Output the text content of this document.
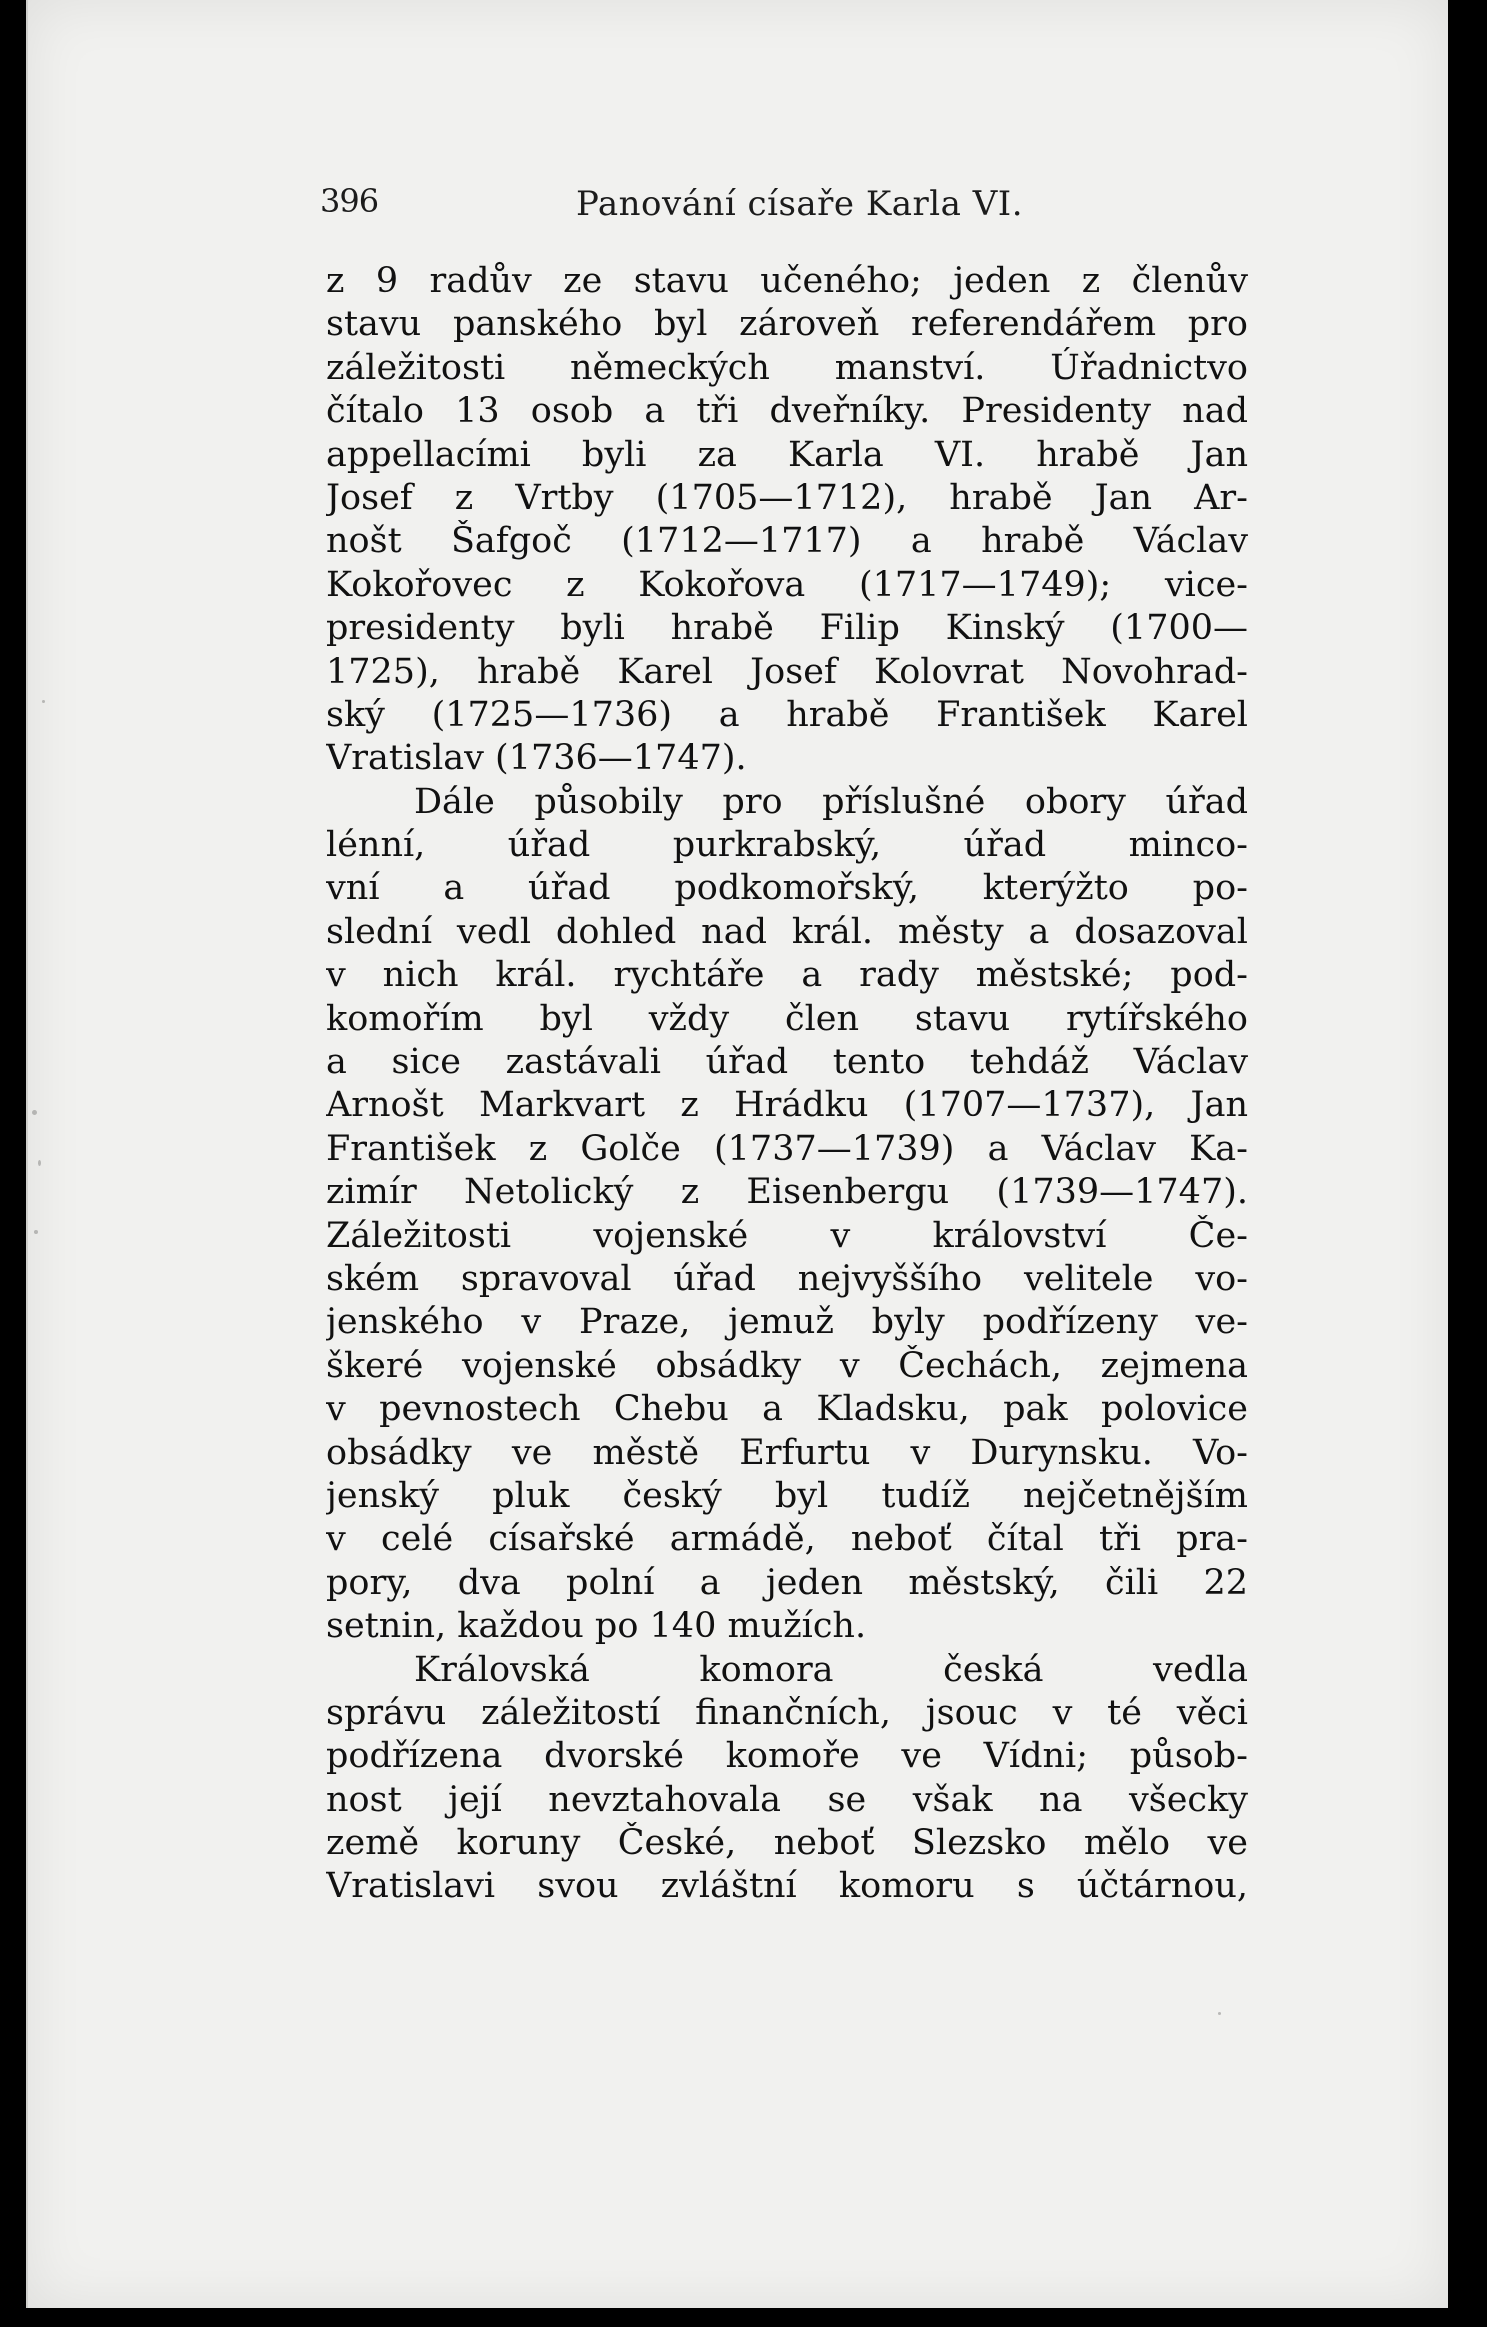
396	Panování císaře Karla VI.
z 9 radův ze stavu učeného; jeden z členův
stavu panského byl zároveň referendářem pro
záležitosti německých manství. Úřadnictvo
čítalo 13 osob a tři dveřníky. Presidenty nad
appellacími byli za Karla VI. hrabě Jan
Josef z Vrtby (1705—1712), hrabě Jan Ar-
nošt Šafgoč (1712—1717) a hrabě Václav
Kokořovec z Kokořova (1717—1749); vice-
presidenty byli hrabě Filip Kinský (1700—
1725), hrabě Karel Josef Kolovrat Novohrad-
ský (1725—1736) a hrabě František Karel
Vratislav (1736—1747).
Dále působily pro příslušné obory úřad
lénní, úřad purkrabský, úřad minco-
vní a úřad podkomořský, kterýžto po-
slední vedl dohled nad král. městy a dosazoval
v nich král. rychtáře a rady městské; pod-
komořím byl vždy člen stavu rytířského
a sice zastávali úřad tento tehdáž Václav
Arnošt Markvart z Hrádku (1707—1737), Jan
František z Golče (1737—1739) a Václav Ka-
zimír Netolický z Eisenbergu (1739—1747).
Záležitosti vojenské v království Če-
ském spravoval úřad nejvyššího velitele vo-
jenského v Praze, jemuž byly podřízeny ve-
škeré vojenské obsádky v Čechách, zejmena
v pevnostech Chebu a Kladsku, pak polovice
obsádky ve městě Erfurtu v Durynsku. Vo-
jenský pluk český byl tudíž nejčetnějším
v celé císařské armádě, neboť čítal tři pra-
pory, dva polní a jeden městský, čili 22
setnin, každou po 140 mužích.
Královská komora česká vedla
správu záležitostí finančních, jsouc v té věci
podřízena dvorské komoře ve Vídni; působ-
nost její nevztahovala se však na všecky
země koruny České, neboť Slezsko mělo ve
Vratislavi svou zvláštní komoru s účtárnou,
